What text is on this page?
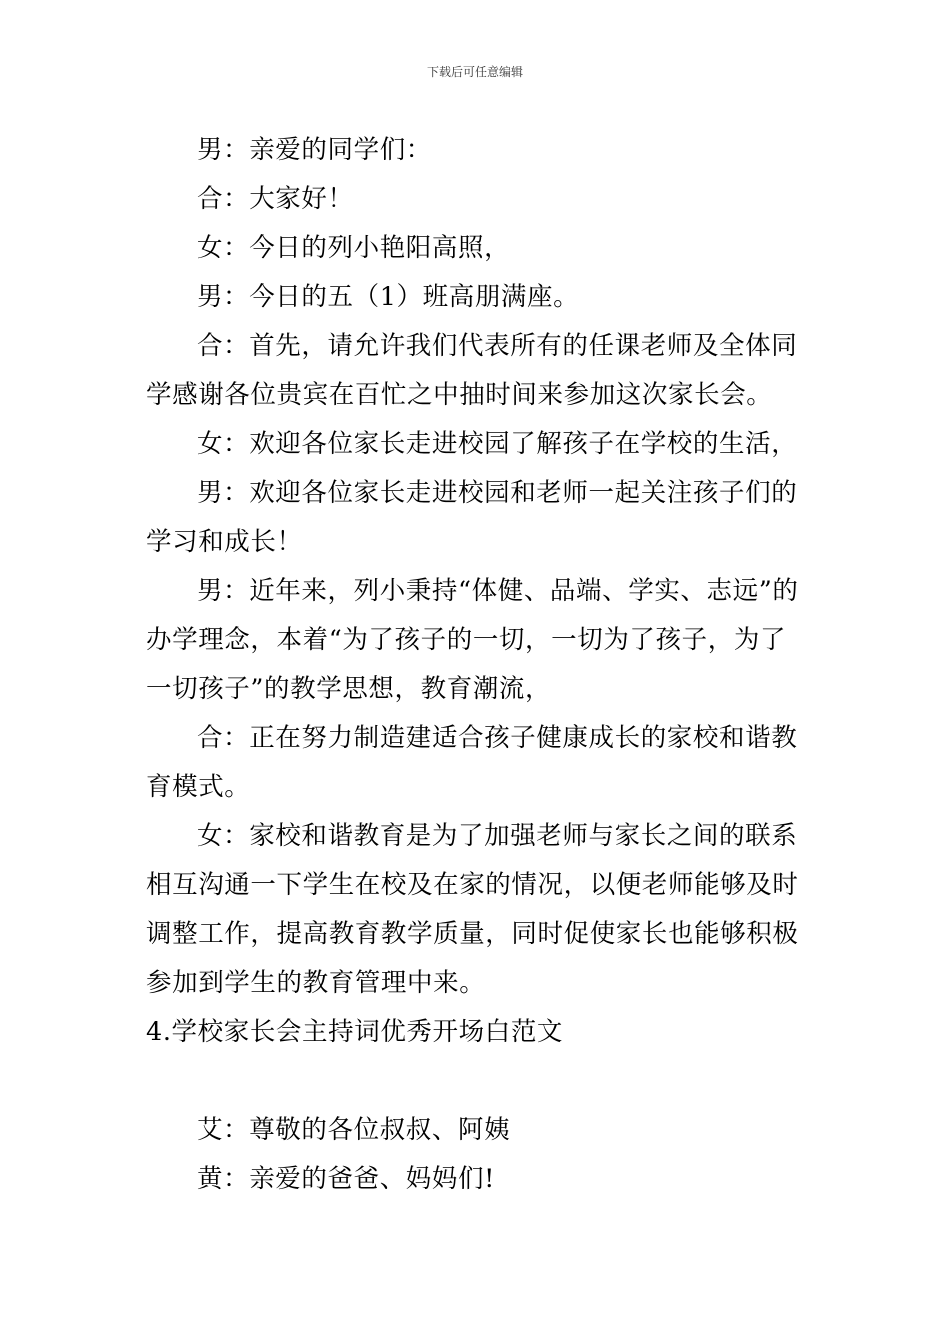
下载后可任意编辑

男：亲爱的同学们：

合：大家好！

女：今日的列小艳阳高照，

男：今日的五（1）班高朋满座。

合：首先，请允许我们代表所有的任课老师及全体同学感谢各位贵宾在百忙之中抽时间来参加这次家长会。

女：欢迎各位家长走进校园了解孩子在学校的生活，

男：欢迎各位家长走进校园和老师一起关注孩子们的学习和成长！

男：近年来，列小秉持“体健、品端、学实、志远”的办学理念，本着“为了孩子的一切，一切为了孩子，为了一切孩子”的教学思想，教育潮流，

合：正在努力制造建适合孩子健康成长的家校和谐教育模式。

女：家校和谐教育是为了加强老师与家长之间的联系相互沟通一下学生在校及在家的情况，以便老师能够及时调整工作，提高教育教学质量，同时促使家长也能够积极参加到学生的教育管理中来。

4.学校家长会主持词优秀开场白范文

艾：尊敬的各位叔叔、阿姨

黄：亲爱的爸爸、妈妈们!
